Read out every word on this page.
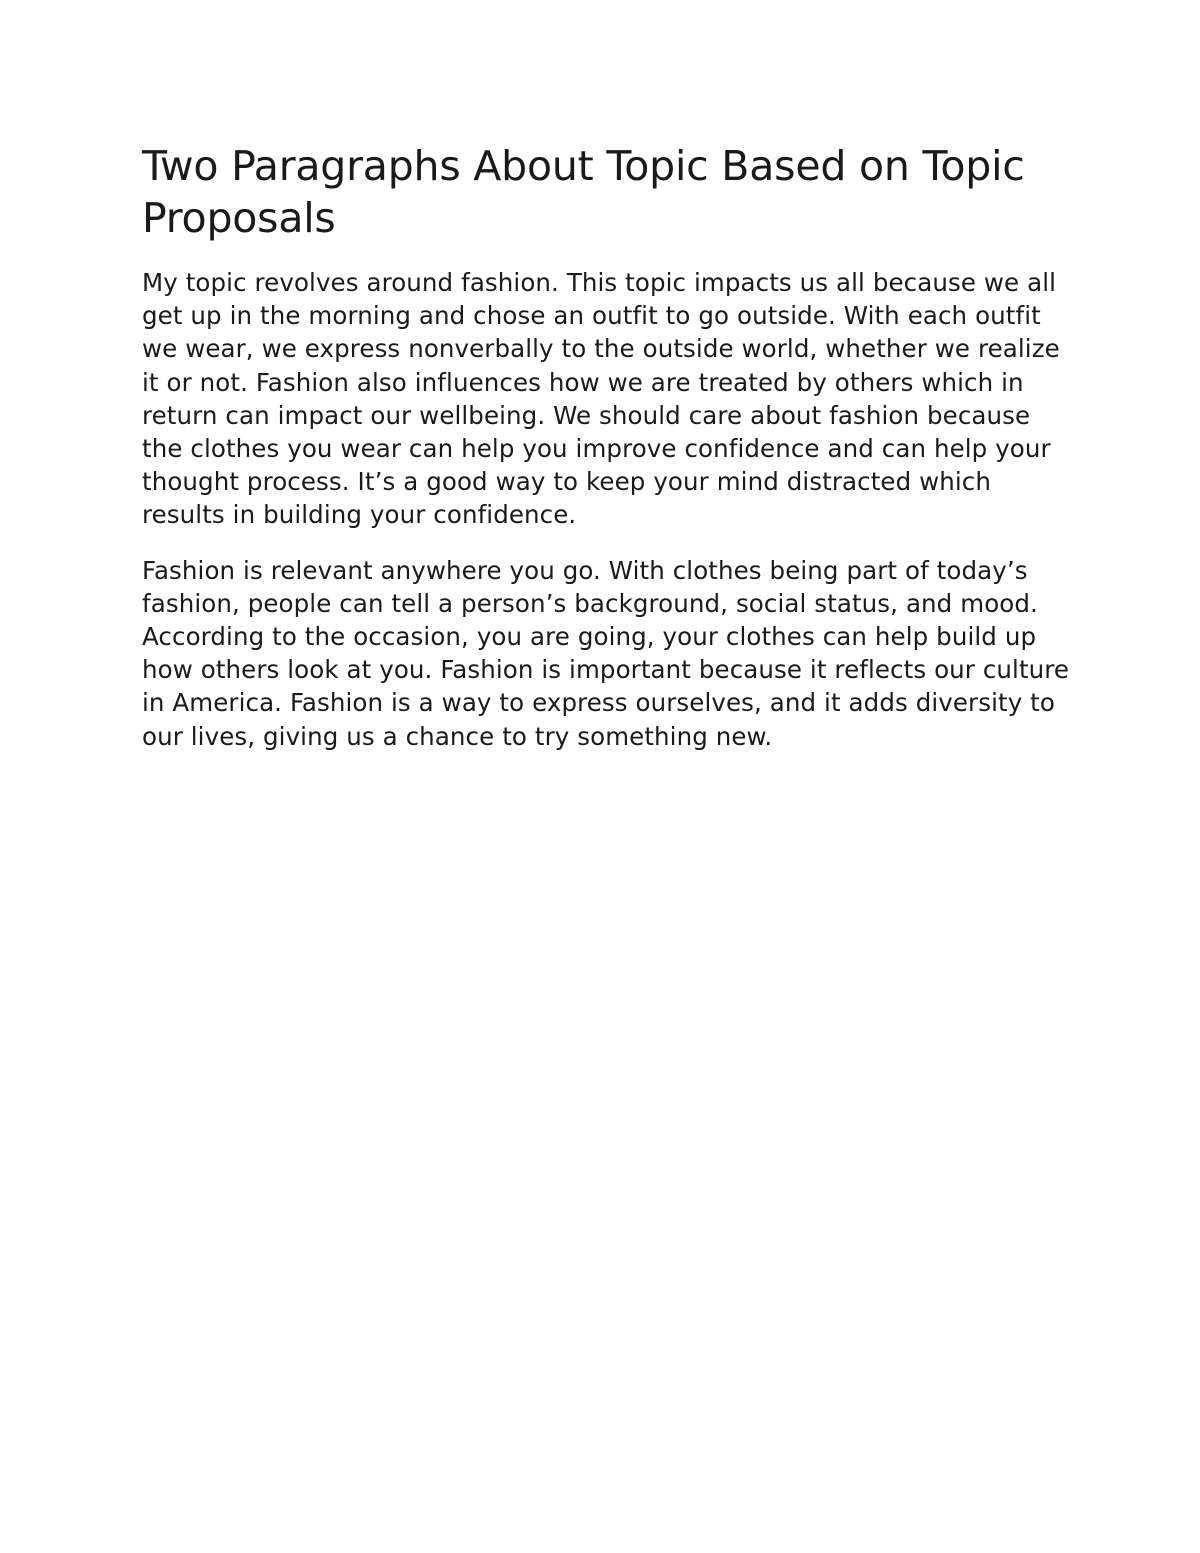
Two Paragraphs About Topic Based on Topic Proposals

My topic revolves around fashion. This topic impacts us all because we all get up in the morning and chose an outfit to go outside. With each outfit we wear, we express nonverbally to the outside world, whether we realize it or not. Fashion also influences how we are treated by others which in return can impact our wellbeing. We should care about fashion because the clothes you wear can help you improve confidence and can help your thought process. It’s a good way to keep your mind distracted which results in building your confidence.

Fashion is relevant anywhere you go. With clothes being part of today’s fashion, people can tell a person’s background, social status, and mood. According to the occasion, you are going, your clothes can help build up how others look at you. Fashion is important because it reflects our culture in America. Fashion is a way to express ourselves, and it adds diversity to our lives, giving us a chance to try something new.
